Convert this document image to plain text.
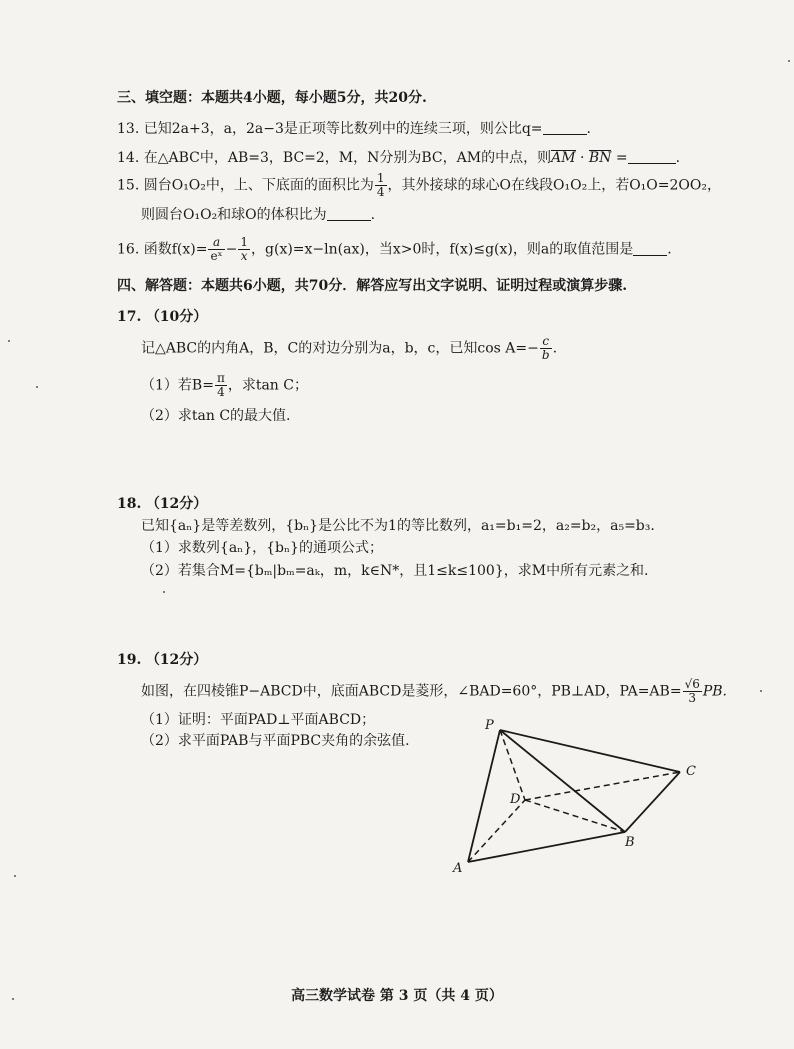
三、填空题：本题共4小题，每小题5分，共20分.
13. 已知2a+3，a，2a−3是正项等比数列中的连续三项，则公比q=	.
14. 在△ABC中，AB=3，BC=2，M，N分别为BC，AM的中点，则AM · BN =	.
15. 圆台O₁O₂中，上、下底面的面积比为 $\frac{1}{4}$ ，其外接球的球心O在线段O₁O₂上，若O₁O=2OO₂，
则圆台O₁O₂和球O的体积比为	.
16. 函数$f(x)= \frac{a}{\text{eˣ}} - \frac{1}{x}$ ，g(x)=x−ln(ax)，当x>0时，f(x)≤g(x)，则a的取值范围是 .
四、解答题：本题共6小题，共70分．解答应写出文字说明、证明过程或演算步骤.
17. （10分）
记△ABC的内角A，B，C的对边分别为a，b，c，已知$\cos A=- \frac{c}{b}$ .
（1）若$B= \frac{\pi}{4}$ ，求tan C；
（2）求tan C的最大值.
18. （12分）
已知{aₙ}是等差数列，{bₙ}是公比不为1的等比数列，a₁=b₁=2，a₂=b₂，a₅=b₃.
（1）求数列{aₙ}，{bₙ}的通项公式；
（2）若集合M={bₘ|bₘ=aₖ，m，k∈N*，且1≤k≤100}，求M中所有元素之和.
19. （12分）
如图，在四棱锥P−ABCD中，底面ABCD是菱形，∠BAD=60°，PB⊥AD，$PA=AB= \frac{√6}{3}$ PB.
（1）证明：平面PAD⊥平面ABCD；
（2）求平面PAB与平面PBC夹角的余弦值.
P
A
B
C
D
高三数学试卷 第 3 页（共 4 页）
